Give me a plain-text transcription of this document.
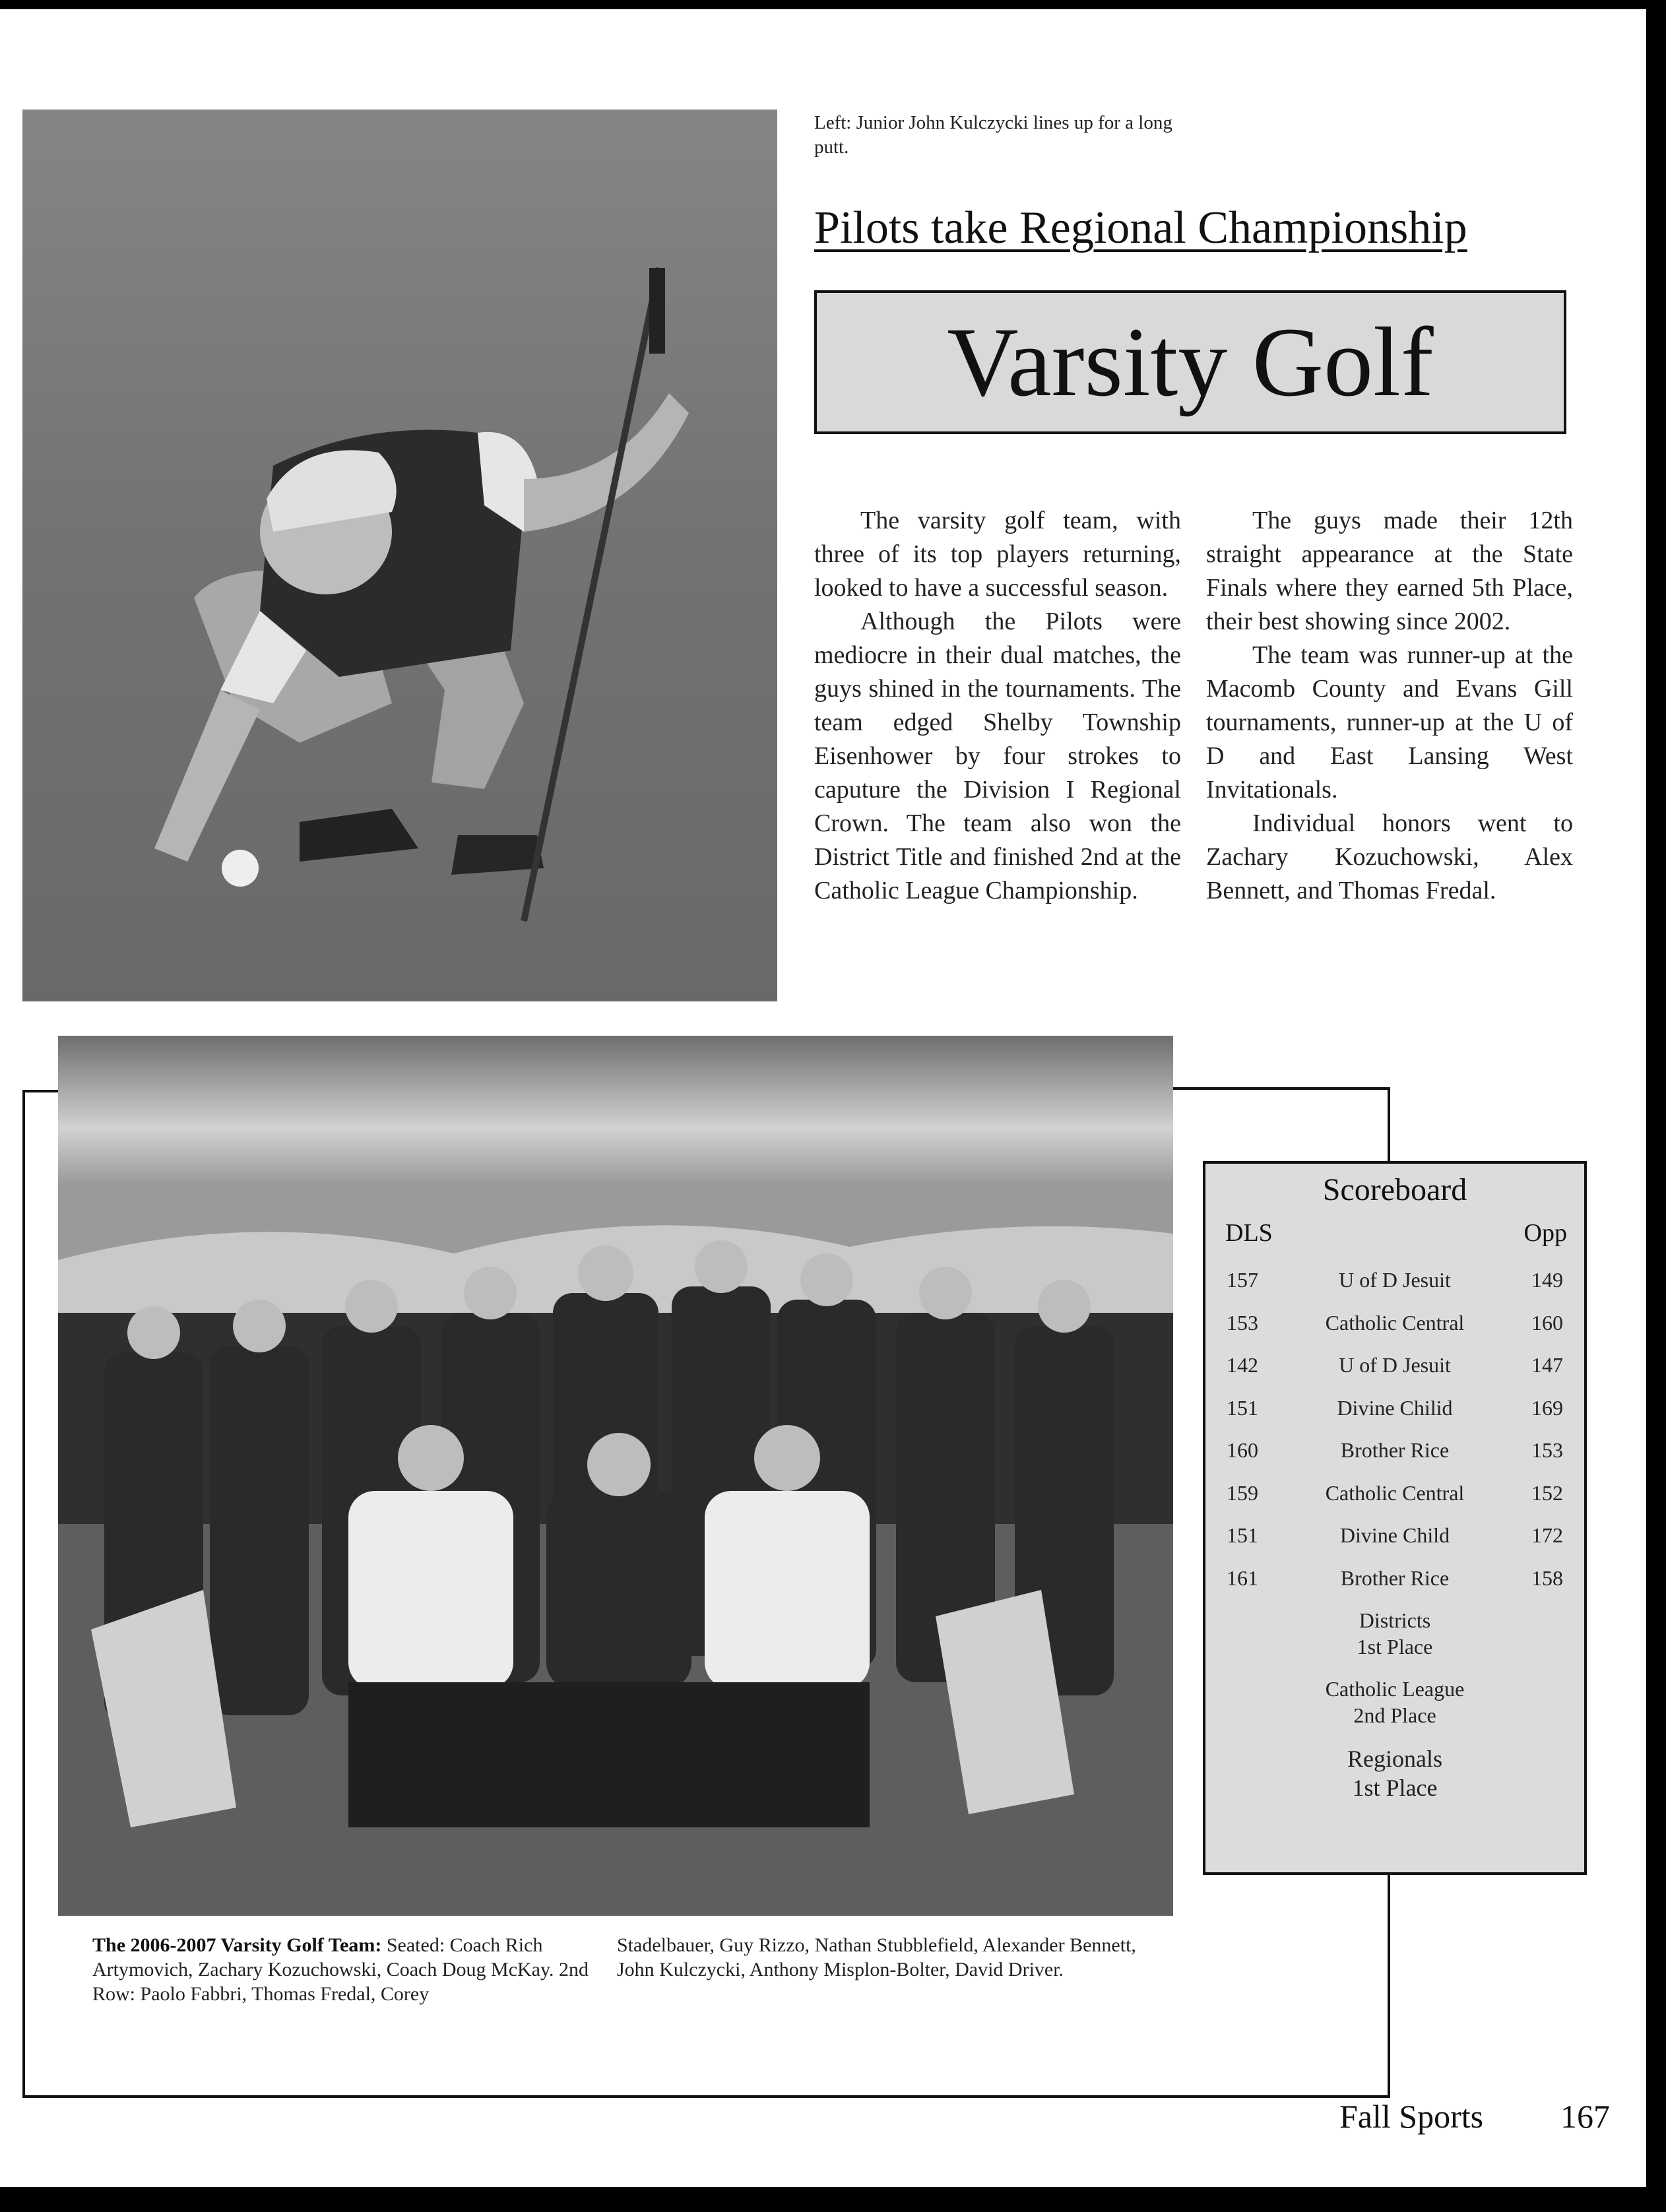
Left: Junior John Kulczycki lines up for a long putt.
Pilots take Regional Championship
Varsity Golf

The varsity golf team, with three of its top players returning, looked to have a successful season.

Although the Pilots were mediocre in their dual matches, the guys shined in the tournaments. The team edged Shelby Township Eisenhower by four strokes to caputure the Division I Regional Crown. The team also won the District Title and finished 2nd at the Catholic League Championship.

The guys made their 12th straight appearance at the State Finals where they earned 5th Place, their best showing since 2002.

The team was runner-up at the Macomb County and Evans Gill tournaments, runner-up at the U of D and East Lansing West Invitationals.

Individual honors went to Zachary Kozuchowski, Alex Bennett, and Thomas Fredal.

Scoreboard
DLS	Opp
157	U of D Jesuit	149
153	Catholic Central	160
142	U of D Jesuit	147
151	Divine Chilid	169
160	Brother Rice	153
159	Catholic Central	152
151	Divine Child	172
161	Brother Rice	158
Districts
1st Place
Catholic League
2nd Place
Regionals
1st Place
The 2006-2007 Varsity Golf Team: Seated: Coach Rich Artymovich, Zachary Kozuchowski, Coach Doug McKay. 2nd Row: Paolo Fabbri, Thomas Fredal, Corey
Stadelbauer, Guy Rizzo, Nathan Stubblefield, Alexander Bennett, John Kulczycki, Anthony Misplon-Bolter, David Driver.
Fall Sports 167
